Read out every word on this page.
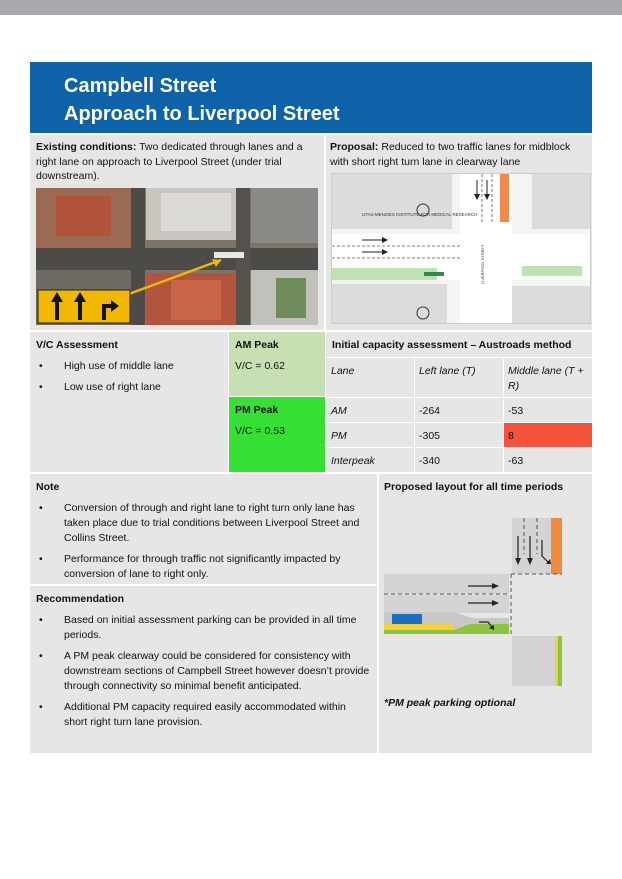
Campbell Street
Approach to Liverpool Street

Existing conditions: Two dedicated through lanes and a right lane on approach to Liverpool Street (under trial downstream).

Proposal: Reduced to two traffic lanes for midblock with short right turn lane in clearway lane

UTAS MENZIES INSTITUTE FOR MEDICAL RESEARCH
LIVERPOOL STREET
V/C Assessment
• High use of middle lane
• Low use of right lane
AM Peak
V/C = 0.62
PM Peak
V/C = 0.53
Initial capacity assessment – Austroads method
Lane	Left lane (T)	Middle lane (T + R)
AM	-264	-53
PM	-305	8
Interpeak	-340	-63
Note
• Conversion of through and right lane to right turn only lane has taken place due to trial conditions between Liverpool Street and Collins Street.
• Performance for through traffic not significantly impacted by conversion of lane to right only.
Recommendation
• Based on initial assessment parking can be provided in all time periods.
• A PM peak clearway could be considered for consistency with downstream sections of Campbell Street however doesn’t provide through connectivity so minimal benefit anticipated.
• Additional PM capacity required easily accommodated within short right turn lane provision.
Proposed layout for all time periods
*PM peak parking optional
